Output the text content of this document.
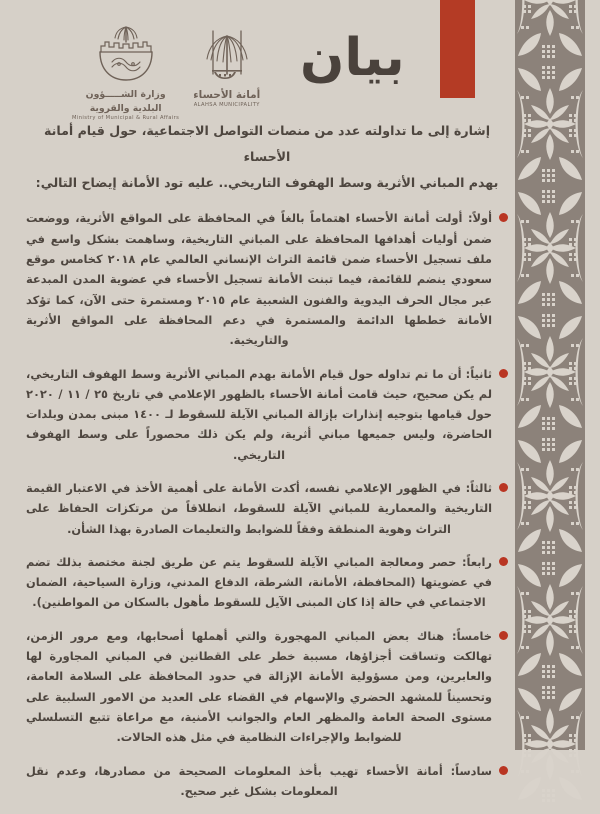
بيان
أمانة الأحساء
ALAHSA MUNICIPALITY
وزارة الشـــــؤون
البلدية والقروية
Ministry of Municipal & Rural Affairs
إشارة إلى ما تداولته عدد من منصات التواصل الاجتماعية، حول قيام أمانة الأحساء
بهدم المباني الأثرية وسط الهفوف التاريخي.. عليه تود الأمانة إيضاح التالي:
أولاً: أولت أمانة الأحساء اهتماماً بالغاً في المحافظة على المواقع الأثرية، ووضعت ضمن أوليات أهدافها المحافظة على المباني التاريخية، وساهمت بشكل واسع في ملف تسجيل الأحساء ضمن قائمة التراث الإنساني العالمي عام ٢٠١٨ كخامس موقع سعودي ينضم للقائمة، فيما تبنت الأمانة تسجيل الأحساء في عضوية المدن المبدعة عبر مجال الحرف اليدوية والفنون الشعبية عام ٢٠١٥ ومستمرة حتى الآن، كما تؤكد الأمانة خططها الدائمة والمستمرة في دعم المحافظة على المواقع الأثرية والتاريخية.
ثانياً: أن ما تم تداوله حول قيام الأمانة بهدم المباني الأثرية وسط الهفوف التاريخي، لم يكن صحيح، حيث قامت أمانة الأحساء بالظهور الإعلامي في تاريخ ٢٥ / ١١ / ٢٠٢٠ حول قيامها بتوجيه إنذارات بإزالة المباني الآيلة للسقوط لـ ١٤٠٠ مبنى بمدن وبلدات الحاضرة، وليس جميعها مباني أثرية، ولم يكن ذلك محصوراً على وسط الهفوف التاريخي.
ثالثاً: في الظهور الإعلامي نفسه، أكدت الأمانة على أهمية الأخذ في الاعتبار القيمة التاريخية والمعمارية للمباني الآيلة للسقوط، انطلاقاً من مرتكزات الحفاظ على التراث وهوية المنطقة وفقاً للضوابط والتعليمات الصادرة بهذا الشأن.
رابعاً: حصر ومعالجة المباني الآيلة للسقوط يتم عن طريق لجنة مختصة بذلك تضم في عضويتها (المحافظة، الأمانة، الشرطة، الدفاع المدني، وزارة السياحية، الضمان الاجتماعي في حالة إذا كان المبنى الآيل للسقوط مأهول بالسكان من المواطنين).
خامساً: هناك بعض المباني المهجورة والتي أهملها أصحابها، ومع مرور الزمن، تهالكت وتساقت أجزاؤها، مسببة خطر على القطانين في المباني المجاورة لها والعابرين، ومن مسؤولية الأمانة الإزالة في حدود المحافظة على السلامة العامة، وتحسيناً للمشهد الحضري والإسهام في القضاء على العديد من الامور السلبية على مستوى الصحة العامة والمظهر العام والجوانب الأمنية، مع مراعاة تتبع التسلسلي للضوابط والإجراءات النظامية في مثل هذه الحالات.
سادساً: أمانة الأحساء تهيب بأخذ المعلومات الصحيحة من مصادرها، وعدم نقل المعلومات بشكل غير صحيح.
